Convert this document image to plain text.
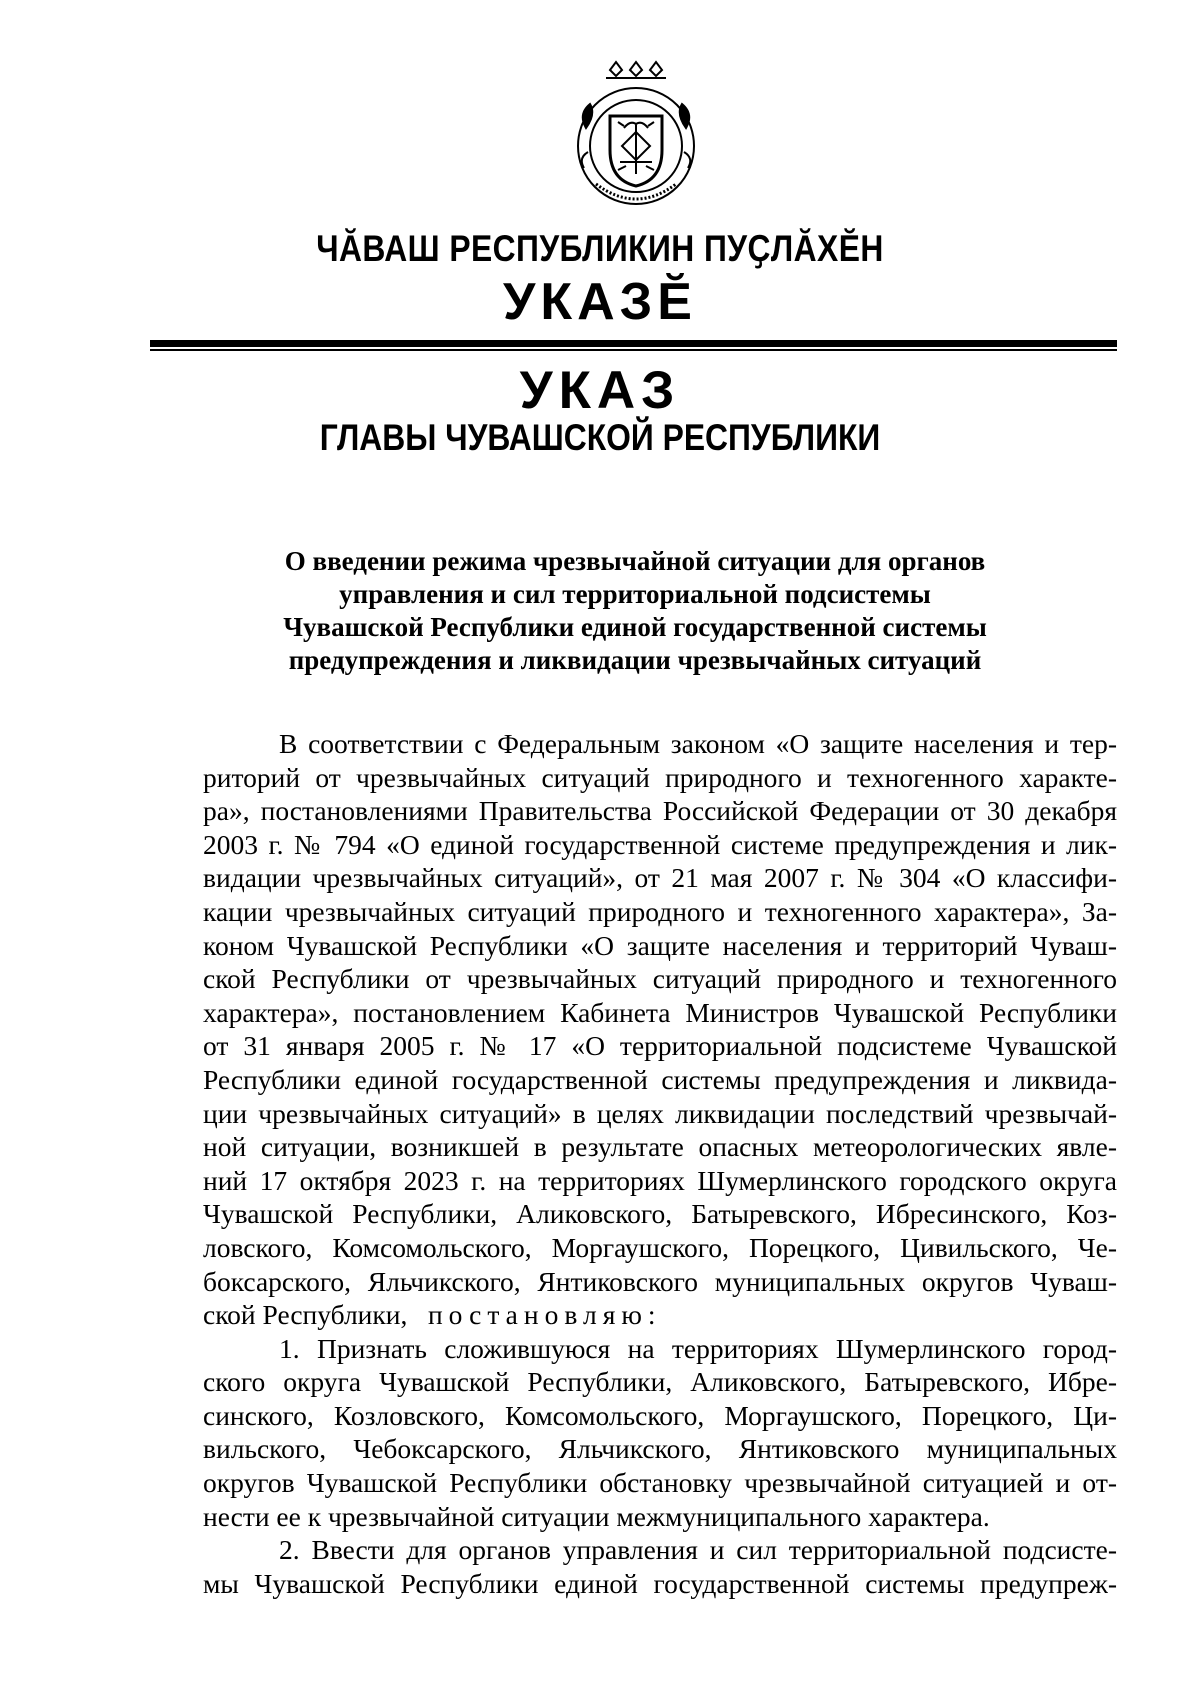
ЧĂВАШ РЕСПУБЛИКИН ПУҪЛĂХĔН
УКАЗĔ
УКАЗ
ГЛАВЫ ЧУВАШСКОЙ РЕСПУБЛИКИ
О введении режима чрезвычайной ситуации для органов
управления и сил территориальной подсистемы
Чувашской Республики единой государственной системы
предупреждения и ликвидации чрезвычайных ситуаций
В соответствии с Федеральным законом «О защите населения и тер-
риторий от чрезвычайных ситуаций природного и техногенного характе-
ра», постановлениями Правительства Российской Федерации от 30 декабря
2003 г. № 794 «О единой государственной системе предупреждения и лик-
видации чрезвычайных ситуаций», от 21 мая 2007 г. № 304 «О классифи-
кации чрезвычайных ситуаций природного и техногенного характера», За-
коном Чувашской Республики «О защите населения и территорий Чуваш-
ской Республики от чрезвычайных ситуаций природного и техногенного
характера», постановлением Кабинета Министров Чувашской Республики
от 31 января 2005 г. № 17 «О территориальной подсистеме Чувашской
Республики единой государственной системы предупреждения и ликвида-
ции чрезвычайных ситуаций» в целях ликвидации последствий чрезвычай-
ной ситуации, возникшей в результате опасных метеорологических явле-
ний 17 октября 2023 г. на территориях Шумерлинского городского округа
Чувашской Республики, Аликовского, Батыревского, Ибресинского, Коз-
ловского, Комсомольского, Моргаушского, Порецкого, Цивильского, Че-
боксарского, Яльчикского, Янтиковского муниципальных округов Чуваш-
ской Республики, постановляю:
1. Признать сложившуюся на территориях Шумерлинского город-
ского округа Чувашской Республики, Аликовского, Батыревского, Ибре-
синского, Козловского, Комсомольского, Моргаушского, Порецкого, Ци-
вильского, Чебоксарского, Яльчикского, Янтиковского муниципальных
округов Чувашской Республики обстановку чрезвычайной ситуацией и от-
нести ее к чрезвычайной ситуации межмуниципального характера.
2. Ввести для органов управления и сил территориальной подсисте-
мы Чувашской Республики единой государственной системы предупреж-
